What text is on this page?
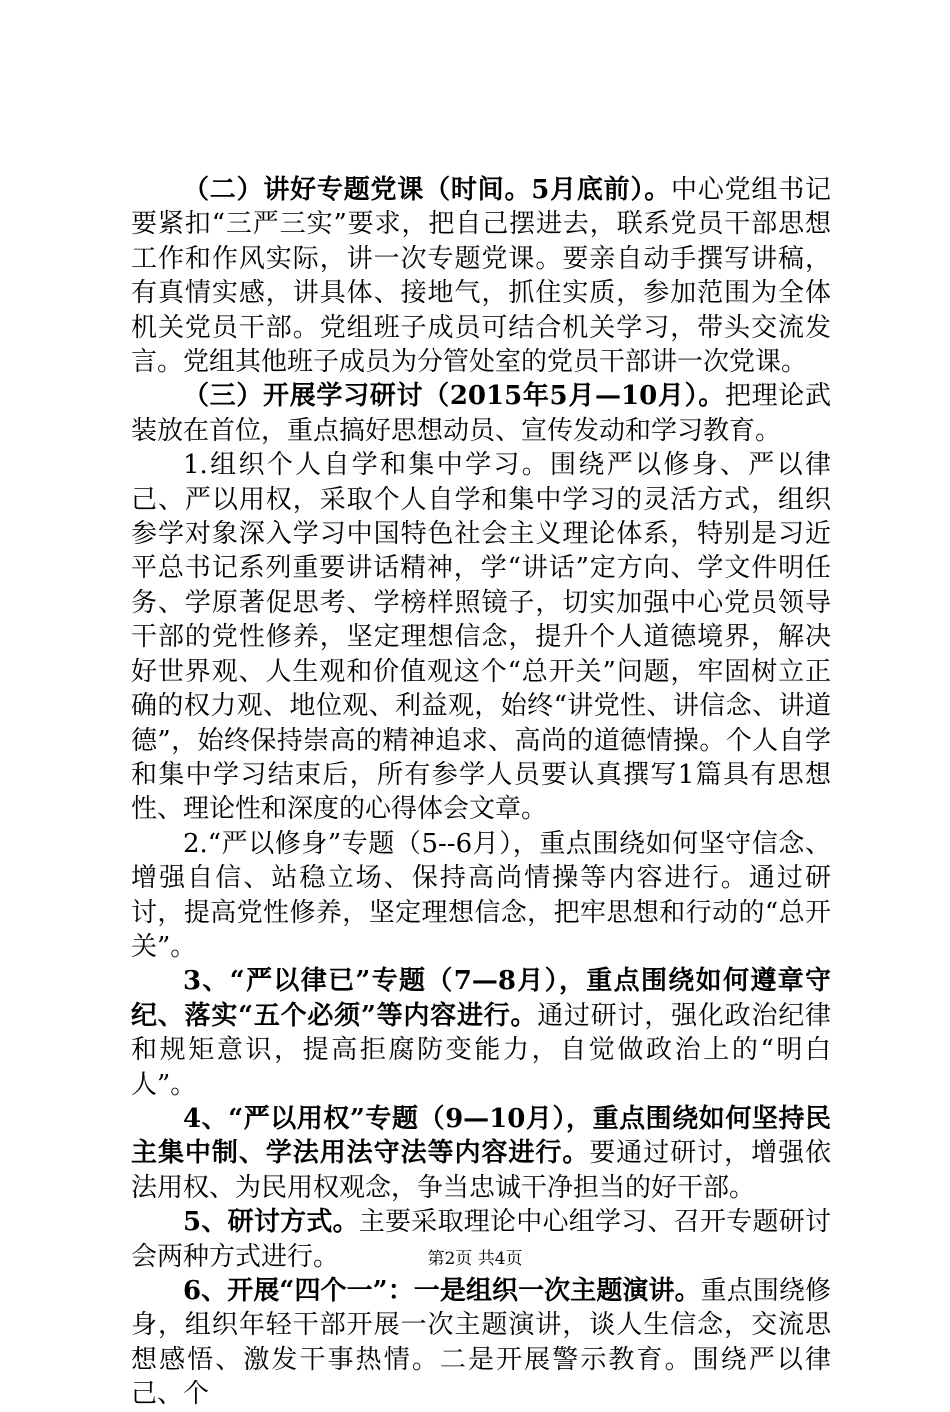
（二）讲好专题党课（时间。5月底前）。中心党组书记要紧扣“三严三实”要求，把自己摆进去，联系党员干部思想工作和作风实际，讲一次专题党课。要亲自动手撰写讲稿，有真情实感，讲具体、接地气，抓住实质，参加范围为全体机关党员干部。党组班子成员可结合机关学习，带头交流发言。党组其他班子成员为分管处室的党员干部讲一次党课。

（三）开展学习研讨（2015年5月—10月）。把理论武装放在首位，重点搞好思想动员、宣传发动和学习教育。

1.组织个人自学和集中学习。围绕严以修身、严以律己、严以用权，采取个人自学和集中学习的灵活方式，组织参学对象深入学习中国特色社会主义理论体系，特别是习近平总书记系列重要讲话精神，学“讲话”定方向、学文件明任务、学原著促思考、学榜样照镜子，切实加强中心党员领导干部的党性修养，坚定理想信念，提升个人道德境界，解决好世界观、人生观和价值观这个“总开关”问题，牢固树立正确的权力观、地位观、利益观，始终“讲党性、讲信念、讲道德”，始终保持崇高的精神追求、高尚的道德情操。个人自学和集中学习结束后，所有参学人员要认真撰写1篇具有思想性、理论性和深度的心得体会文章。

2.“严以修身”专题（5--6月），重点围绕如何坚守信念、增强自信、站稳立场、保持高尚情操等内容进行。通过研讨，提高党性修养，坚定理想信念，把牢思想和行动的“总开关”。

3、“严以律已”专题（7—8月），重点围绕如何遵章守纪、落实“五个必须”等内容进行。通过研讨，强化政治纪律和规矩意识，提高拒腐防变能力，自觉做政治上的“明白人”。

4、“严以用权”专题（9—10月），重点围绕如何坚持民主集中制、学法用法守法等内容进行。要通过研讨，增强依法用权、为民用权观念，争当忠诚干净担当的好干部。

5、研讨方式。主要采取理论中心组学习、召开专题研讨会两种方式进行。

6、开展“四个一”：一是组织一次主题演讲。重点围绕修身，组织年轻干部开展一次主题演讲，谈人生信念，交流思想感悟、激发干事热情。二是开展警示教育。围绕严以律己、个

第2页 共4页
